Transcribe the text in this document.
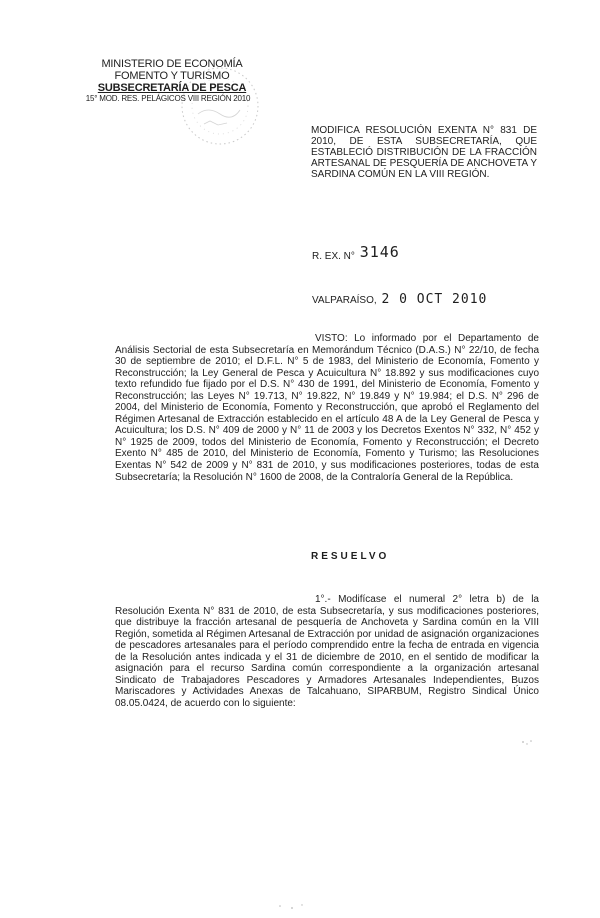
MINISTERIO DE ECONOMÍA
FOMENTO Y TURISMO
SUBSECRETARÍA DE PESCA
15° MOD. RES. PELÁGICOS VIII REGIÓN 2010
MODIFICA RESOLUCIÓN EXENTA N° 831 DE 2010, DE ESTA SUBSECRETARÍA, QUE ESTABLECIÓ DISTRIBUCIÓN DE LA FRACCIÓN ARTESANAL DE PESQUERÍA DE ANCHOVETA Y SARDINA COMÚN EN LA VIII REGIÓN.
R. EX. N° 3146
VALPARAÍSO, 2 0 OCT 2010
VISTO: Lo informado por el Departamento de Análisis Sectorial de esta Subsecretaría en Memorándum Técnico (D.A.S.) N° 22/10, de fecha 30 de septiembre de 2010; el D.F.L. N° 5 de 1983, del Ministerio de Economía, Fomento y Reconstrucción; la Ley General de Pesca y Acuicultura N° 18.892 y sus modificaciones cuyo texto refundido fue fijado por el D.S. N° 430 de 1991, del Ministerio de Economía, Fomento y Reconstrucción; las Leyes N° 19.713, N° 19.822, N° 19.849 y N° 19.984; el D.S. N° 296 de 2004, del Ministerio de Economía, Fomento y Reconstrucción, que aprobó el Reglamento del Régimen Artesanal de Extracción establecido en el artículo 48 A de la Ley General de Pesca y Acuicultura; los D.S. N° 409 de 2000 y N° 11 de 2003 y los Decretos Exentos N° 332, N° 452 y N° 1925 de 2009, todos del Ministerio de Economía, Fomento y Reconstrucción; el Decreto Exento N° 485 de 2010, del Ministerio de Economía, Fomento y Turismo; las Resoluciones Exentas N° 542 de 2009 y N° 831 de 2010, y sus modificaciones posteriores, todas de esta Subsecretaría; la Resolución N° 1600 de 2008, de la Contraloría General de la República.
RESUELVO
1°.- Modifícase el numeral 2° letra b) de la Resolución Exenta N° 831 de 2010, de esta Subsecretaría, y sus modificaciones posteriores, que distribuye la fracción artesanal de pesquería de Anchoveta y Sardina común en la VIII Región, sometida al Régimen Artesanal de Extracción por unidad de asignación organizaciones de pescadores artesanales para el período comprendido entre la fecha de entrada en vigencia de la Resolución antes indicada y el 31 de diciembre de 2010, en el sentido de modificar la asignación para el recurso Sardina común correspondiente a la organización artesanal Sindicato de Trabajadores Pescadores y Armadores Artesanales Independientes, Buzos Mariscadores y Actividades Anexas de Talcahuano, SIPARBUM, Registro Sindical Único 08.05.0424, de acuerdo con lo siguiente:
